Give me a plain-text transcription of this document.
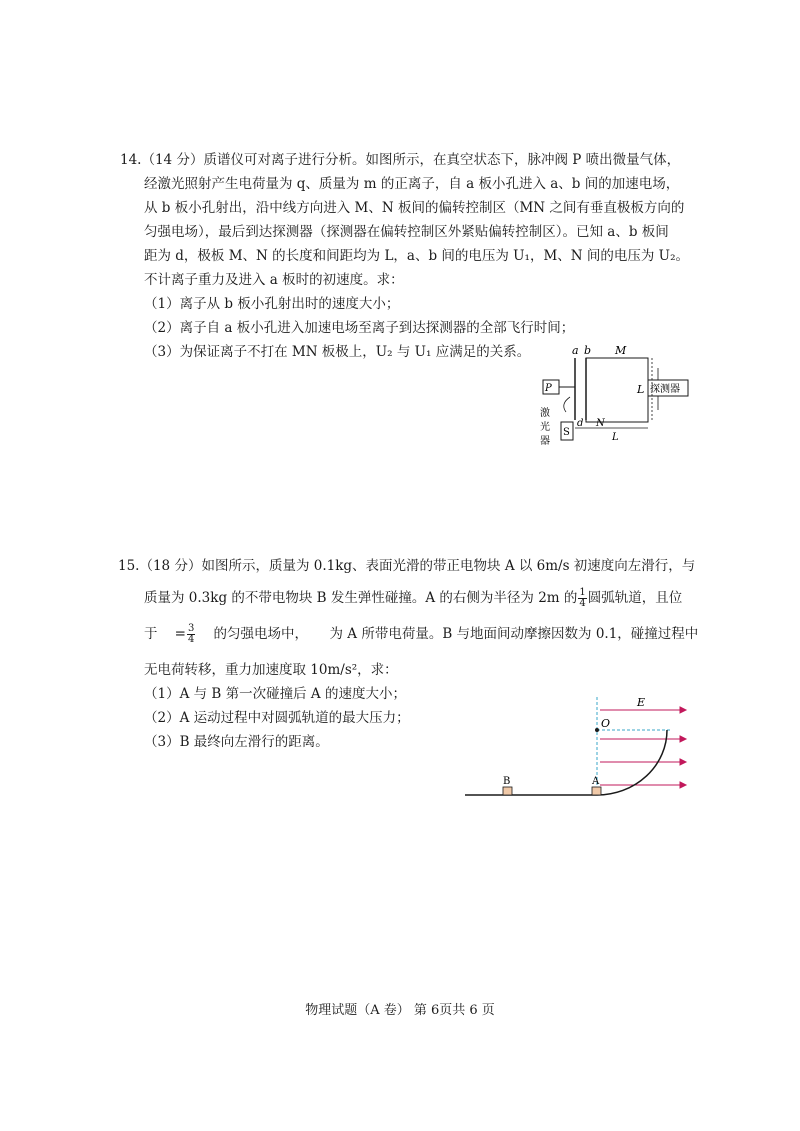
14.（14 分）质谱仪可对离子进行分析。如图所示，在真空状态下，脉冲阀 P 喷出微量气体，
经激光照射产生电荷量为 q、质量为 m 的正离子，自 a 板小孔进入 a、b 间的加速电场，
从 b 板小孔射出，沿中线方向进入 M、N 板间的偏转控制区（MN 之间有垂直极板方向的
匀强电场），最后到达探测器（探测器在偏转控制区外紧贴偏转控制区）。已知 a、b 板间
距为 d，极板 M、N 的长度和间距均为 L，a、b 间的电压为 U₁，M、N 间的电压为 U₂。
不计离子重力及进入 a 板时的初速度。求：
（1）离子从 b 板小孔射出时的速度大小；
（2）离子自 a 板小孔进入加速电场至离子到达探测器的全部飞行时间；
（3）为保证离子不打在 MN 板极上，U₂ 与 U₁ 应满足的关系。	a b M
L
P
S
激
光
器
d N
L
探测器
15.（18 分）如图所示，质量为 0.1kg、表面光滑的带正电物块 A 以 6m/s 初速度向左滑行，与
质量为 0.3kg 的不带电物块 B 发生弹性碰撞。A 的右侧为半径为 2m 的 $\frac{1}{4}$ 圆弧轨道，且位
于 = $\frac{3}{4}$ 的匀强电场中， 为 A 所带电荷量。B 与地面间动摩擦因数为 0.1，碰撞过程中
无电荷转移，重力加速度取 10m/s²，求：
（1）A 与 B 第一次碰撞后 A 的速度大小；
（2）A 运动过程中对圆弧轨道的最大压力；
（3）B 最终向左滑行的距离。
E
O
A
B
物理试题（A 卷） 第 6页共 6 页
